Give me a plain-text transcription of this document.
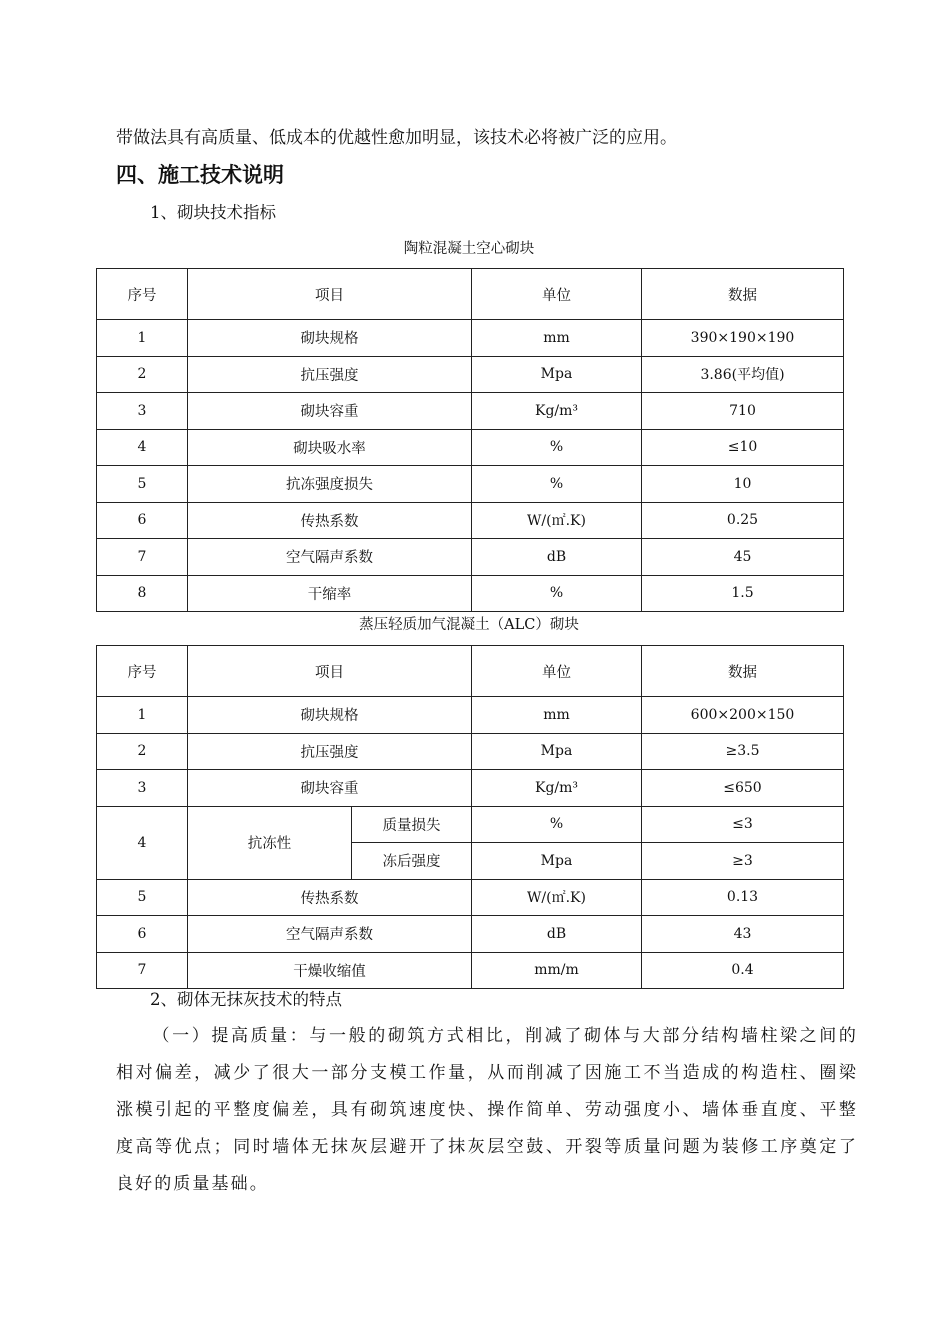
带做法具有高质量、低成本的优越性愈加明显，该技术必将被广泛的应用。
四、施工技术说明
1、砌块技术指标
陶粒混凝土空心砌块
序号	项目	单位	数据
1	砌块规格	mm	390×190×190
2	抗压强度	Mpa	3.86(平均值)
3	砌块容重	Kg/m³	710
4	砌块吸水率	%	≤10
5	抗冻强度损失	%	10
6	传热系数	W/(㎡.K)	0.25
7	空气隔声系数	dB	45
8	干缩率	%	1.5
蒸压轻质加气混凝土（ALC）砌块
序号	项目		单位	数据
1	砌块规格		mm	600×200×150
2	抗压强度		Mpa	≥3.5
3	砌块容重		Kg/m³	≤650
4	抗冻性	质量损失	%	≤3
		冻后强度	Mpa	≥3
5	传热系数		W/(㎡.K)	0.13
6	空气隔声系数		dB	43
7	干燥收缩值		mm/m	0.4
2、砌体无抹灰技术的特点
（一）提高质量：与一般的砌筑方式相比，削减了砌体与大部分结构墙柱梁之间的相对偏差，减少了很大一部分支模工作量，从而削减了因施工不当造成的构造柱、圈梁涨模引起的平整度偏差，具有砌筑速度快、操作简单、劳动强度小、墙体垂直度、平整度高等优点；同时墙体无抹灰层避开了抹灰层空鼓、开裂等质量问题为装修工序奠定了良好的质量基础。
